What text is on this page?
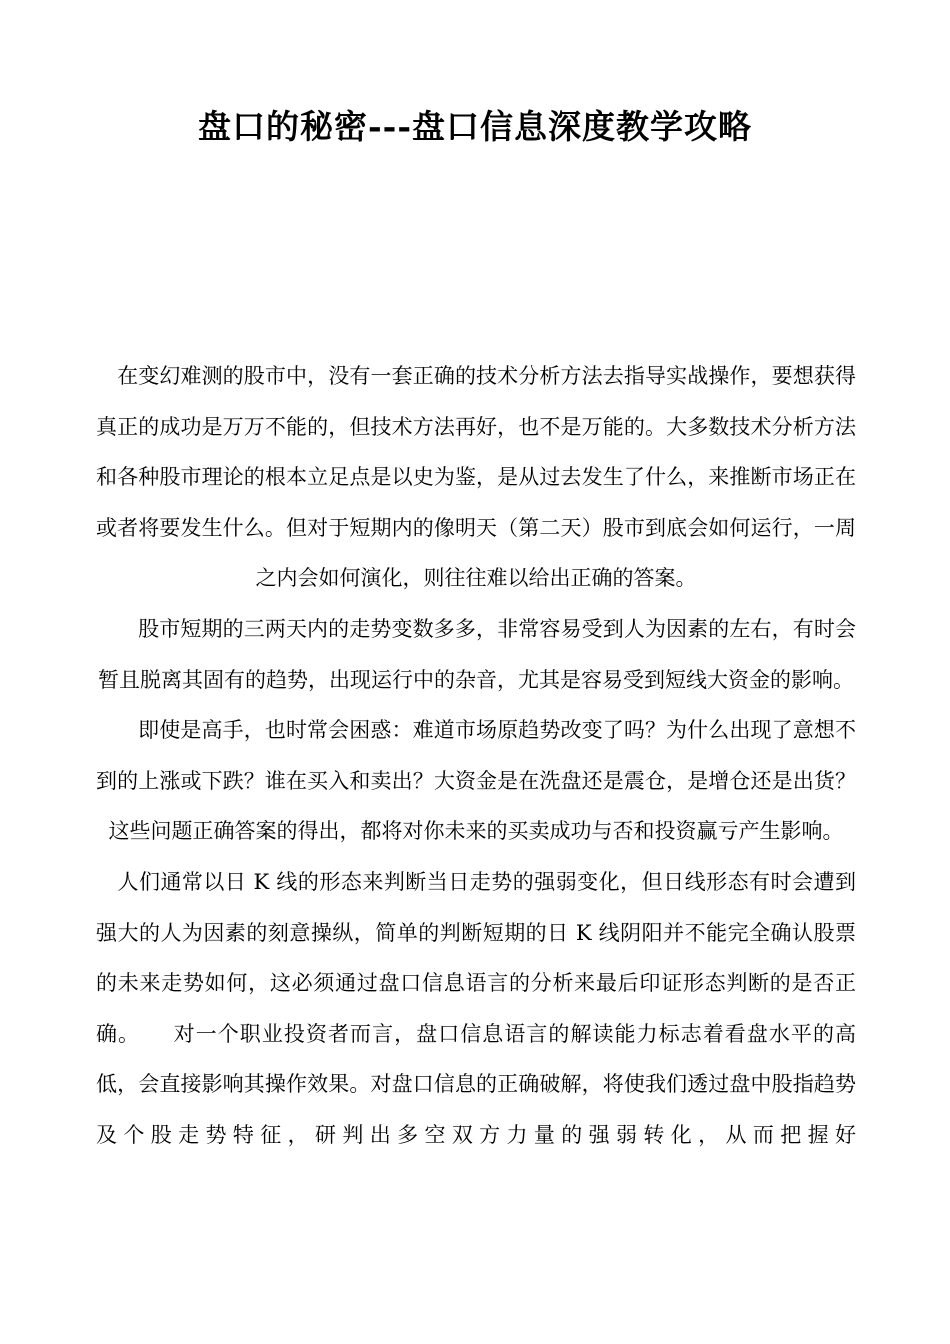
盘口的秘密---盘口信息深度教学攻略

　在变幻难测的股市中，没有一套正确的技术分析方法去指导实战操作，要想获得真正的成功是万万不能的，但技术方法再好，也不是万能的。大多数技术分析方法和各种股市理论的根本立足点是以史为鉴，是从过去发生了什么，来推断市场正在或者将要发生什么。但对于短期内的像明天（第二天）股市到底会如何运行，一周之内会如何演化，则往往难以给出正确的答案。

　　股市短期的三两天内的走势变数多多，非常容易受到人为因素的左右，有时会暂且脱离其固有的趋势，出现运行中的杂音，尤其是容易受到短线大资金的影响。

　　即使是高手，也时常会困惑：难道市场原趋势改变了吗？为什么出现了意想不到的上涨或下跌？谁在买入和卖出？大资金是在洗盘还是震仓，是增仓还是出货？这些问题正确答案的得出，都将对你未来的买卖成功与否和投资赢亏产生影响。

　人们通常以日 K 线的形态来判断当日走势的强弱变化，但日线形态有时会遭到强大的人为因素的刻意操纵，简单的判断短期的日 K 线阴阳并不能完全确认股票的未来走势如何，这必须通过盘口信息语言的分析来最后印证形态判断的是否正确。　　对一个职业投资者而言，盘口信息语言的解读能力标志着看盘水平的高低，会直接影响其操作效果。对盘口信息的正确破解，将使我们透过盘中股指趋势及个股走势特征，研判出多空双方力量的强弱转化，从而把握好
